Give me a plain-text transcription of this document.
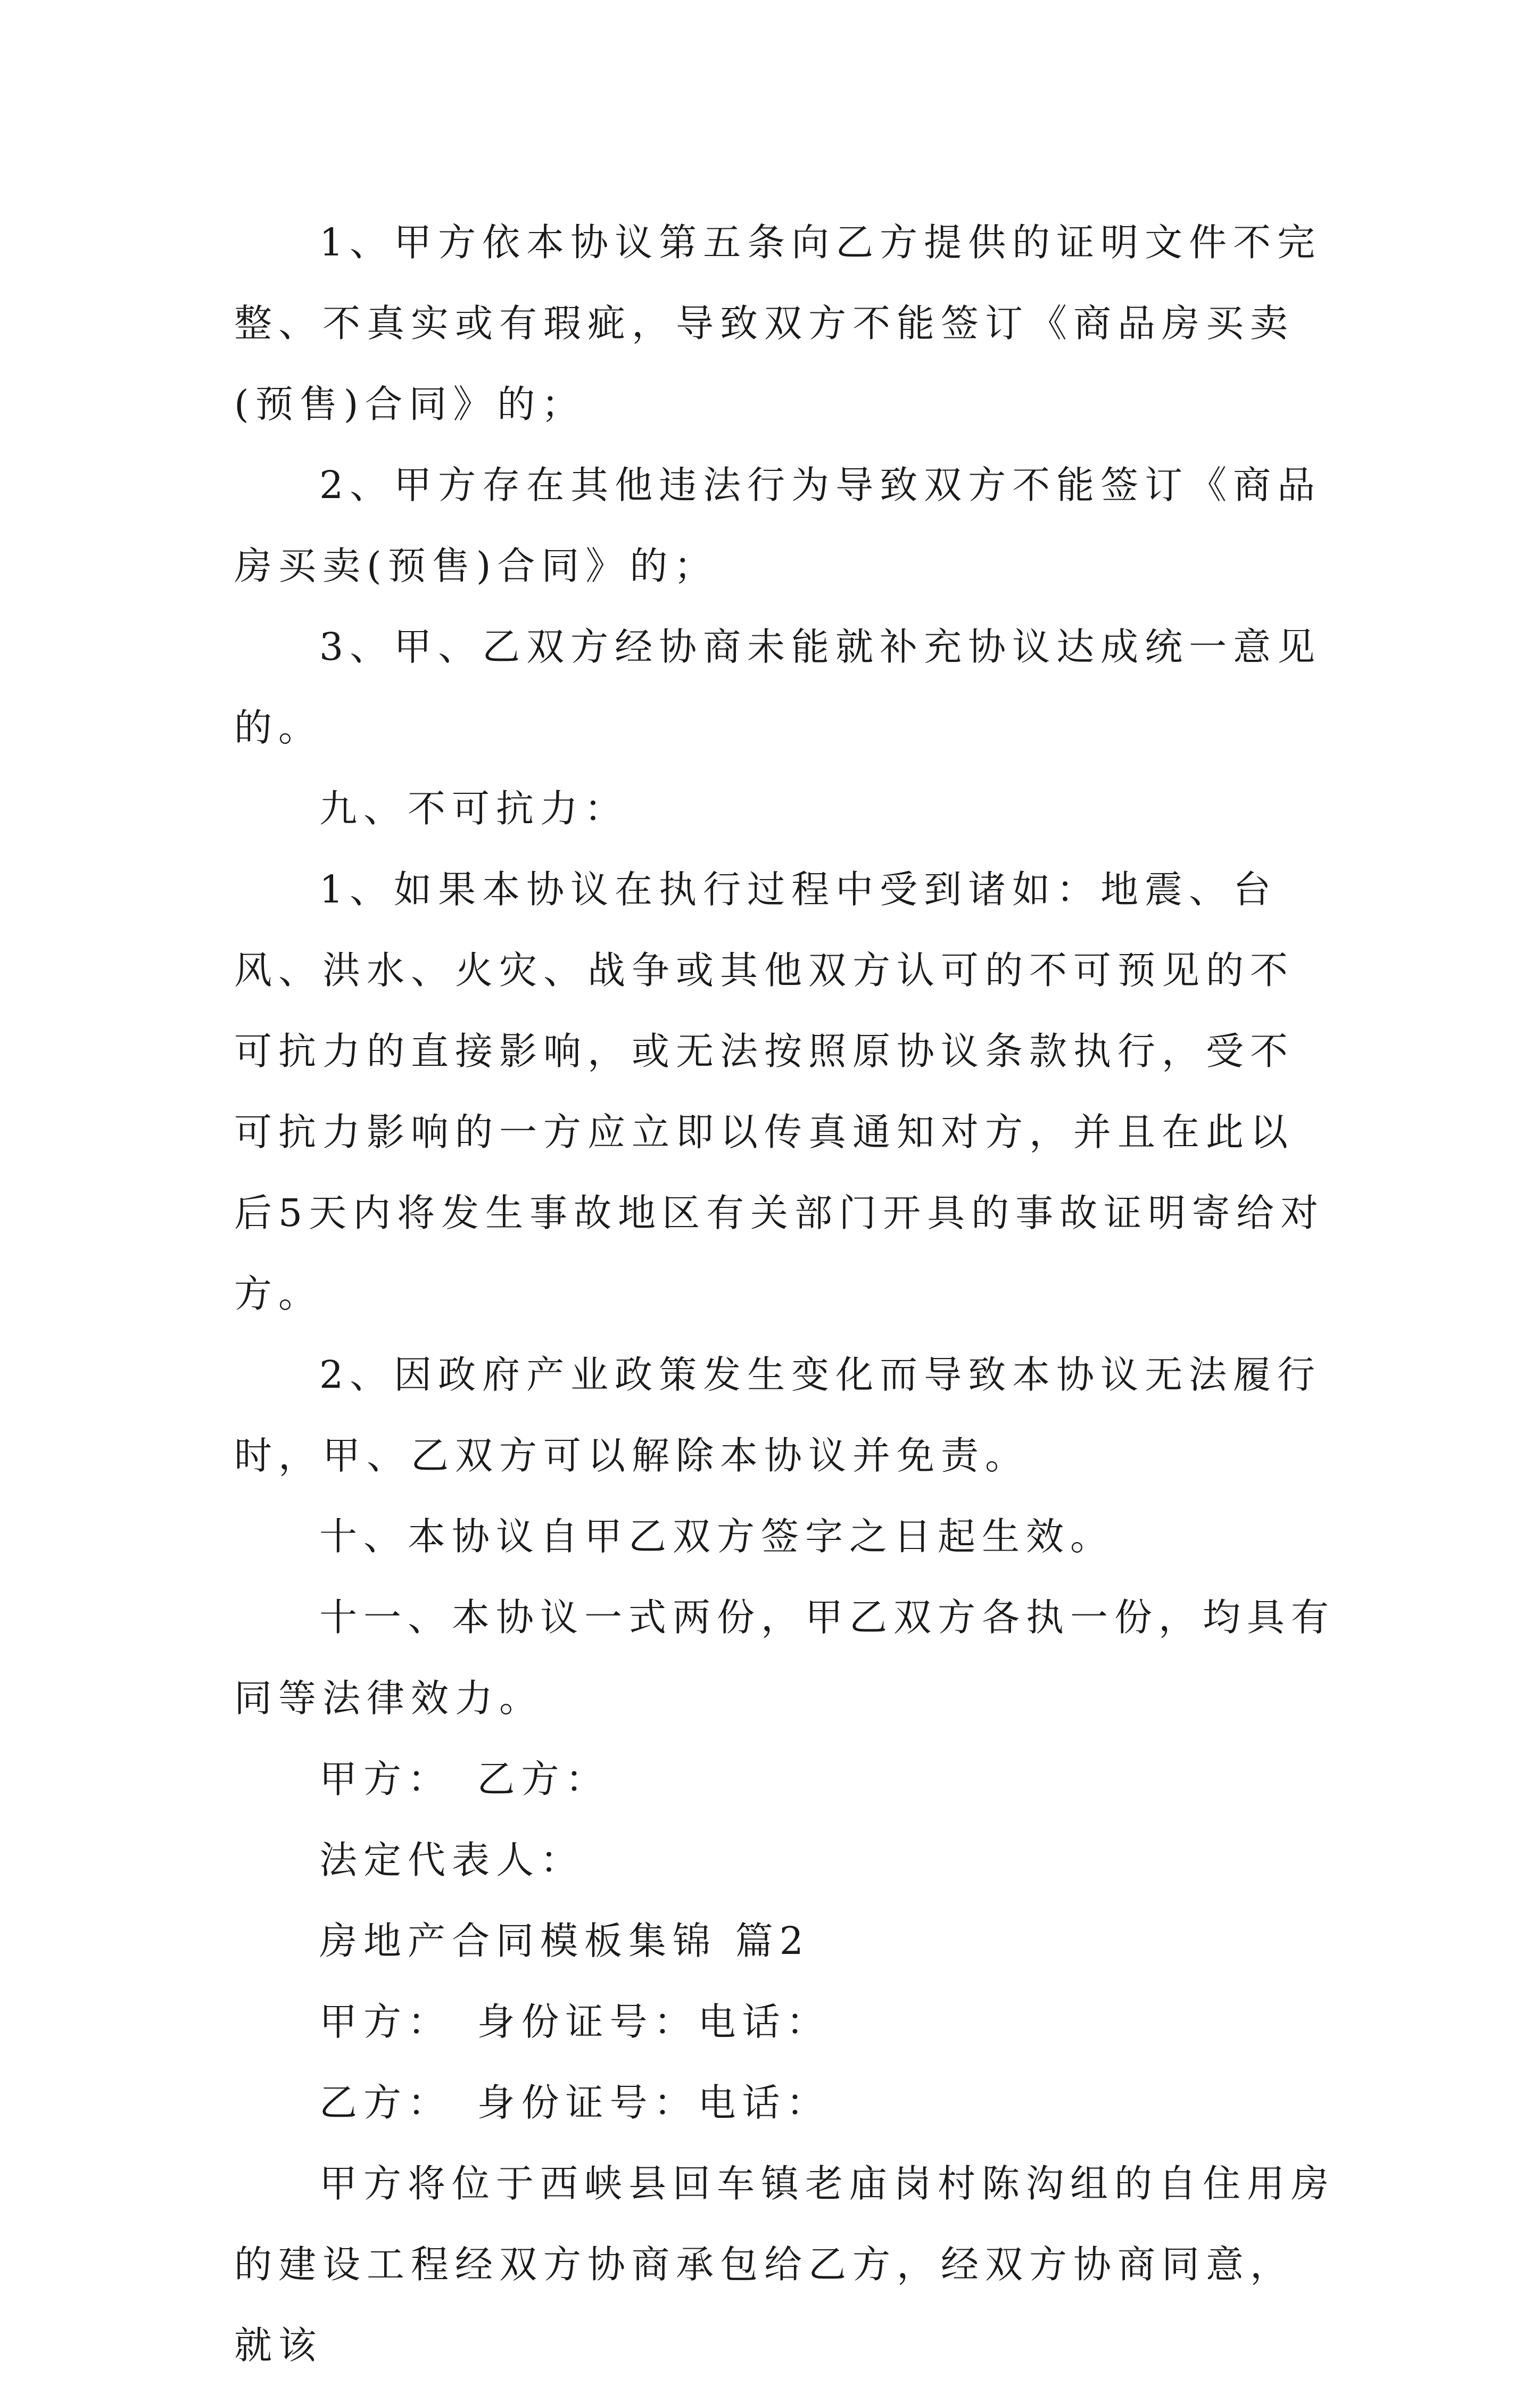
1、甲方依本协议第五条向乙方提供的证明文件不完整、不真实或有瑕疵，导致双方不能签订《商品房买卖(预售)合同》的；

2、甲方存在其他违法行为导致双方不能签订《商品房买卖(预售)合同》的；

3、甲、乙双方经协商未能就补充协议达成统一意见的。

九、不可抗力：

1、如果本协议在执行过程中受到诸如：地震、台风、洪水、火灾、战争或其他双方认可的不可预见的不可抗力的直接影响，或无法按照原协议条款执行，受不可抗力影响的一方应立即以传真通知对方，并且在此以后5天内将发生事故地区有关部门开具的事故证明寄给对方。

2、因政府产业政策发生变化而导致本协议无法履行时，甲、乙双方可以解除本协议并免责。

十、本协议自甲乙双方签字之日起生效。

十一、本协议一式两份，甲乙双方各执一份，均具有同等法律效力。

甲方：　乙方：

法定代表人：

房地产合同模板集锦 篇2

甲方：　身份证号：电话：

乙方：　身份证号：电话：

甲方将位于西峡县回车镇老庙岗村陈沟组的自住用房的建设工程经双方协商承包给乙方，经双方协商同意，就该
